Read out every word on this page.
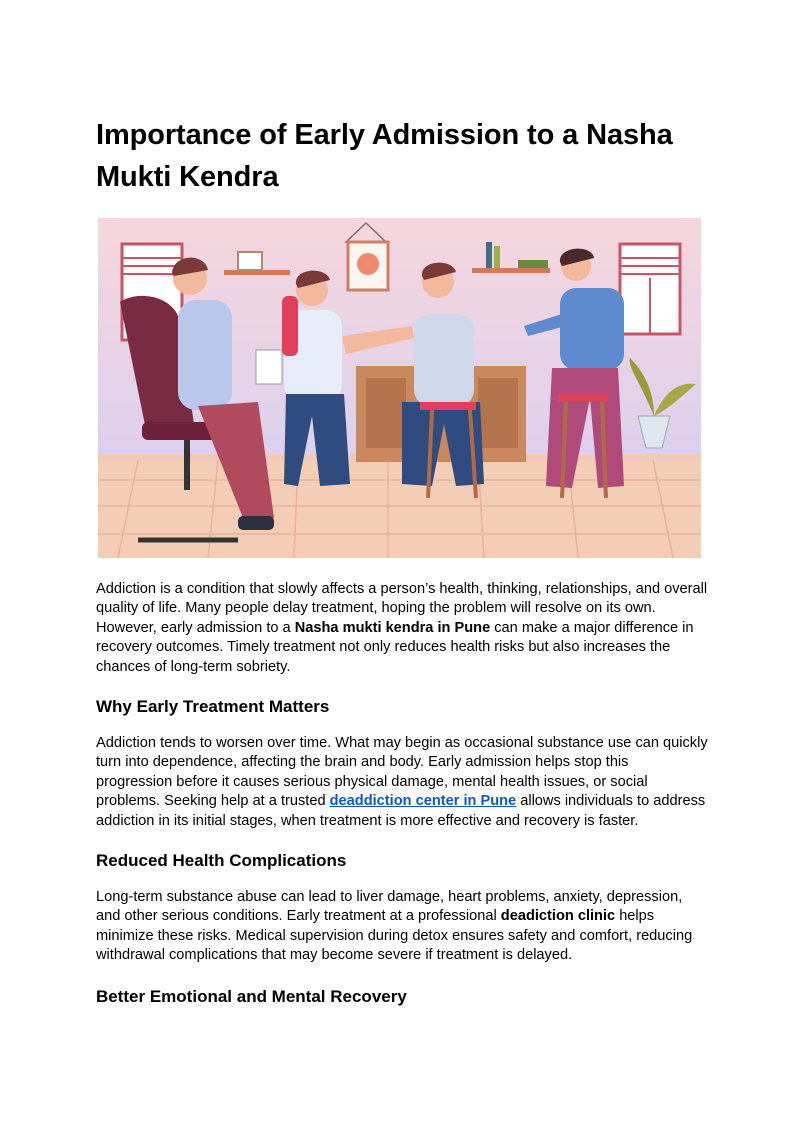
Importance of Early Admission to a Nasha Mukti Kendra

Addiction is a condition that slowly affects a person’s health, thinking, relationships, and overall quality of life. Many people delay treatment, hoping the problem will resolve on its own. However, early admission to a Nasha mukti kendra in Pune can make a major difference in recovery outcomes. Timely treatment not only reduces health risks but also increases the chances of long-term sobriety.

Why Early Treatment Matters

Addiction tends to worsen over time. What may begin as occasional substance use can quickly turn into dependence, affecting the brain and body. Early admission helps stop this progression before it causes serious physical damage, mental health issues, or social problems. Seeking help at a trusted deaddiction center in Pune allows individuals to address addiction in its initial stages, when treatment is more effective and recovery is faster.

Reduced Health Complications

Long-term substance abuse can lead to liver damage, heart problems, anxiety, depression, and other serious conditions. Early treatment at a professional deadiction clinic helps minimize these risks. Medical supervision during detox ensures safety and comfort, reducing withdrawal complications that may become severe if treatment is delayed.

Better Emotional and Mental Recovery
